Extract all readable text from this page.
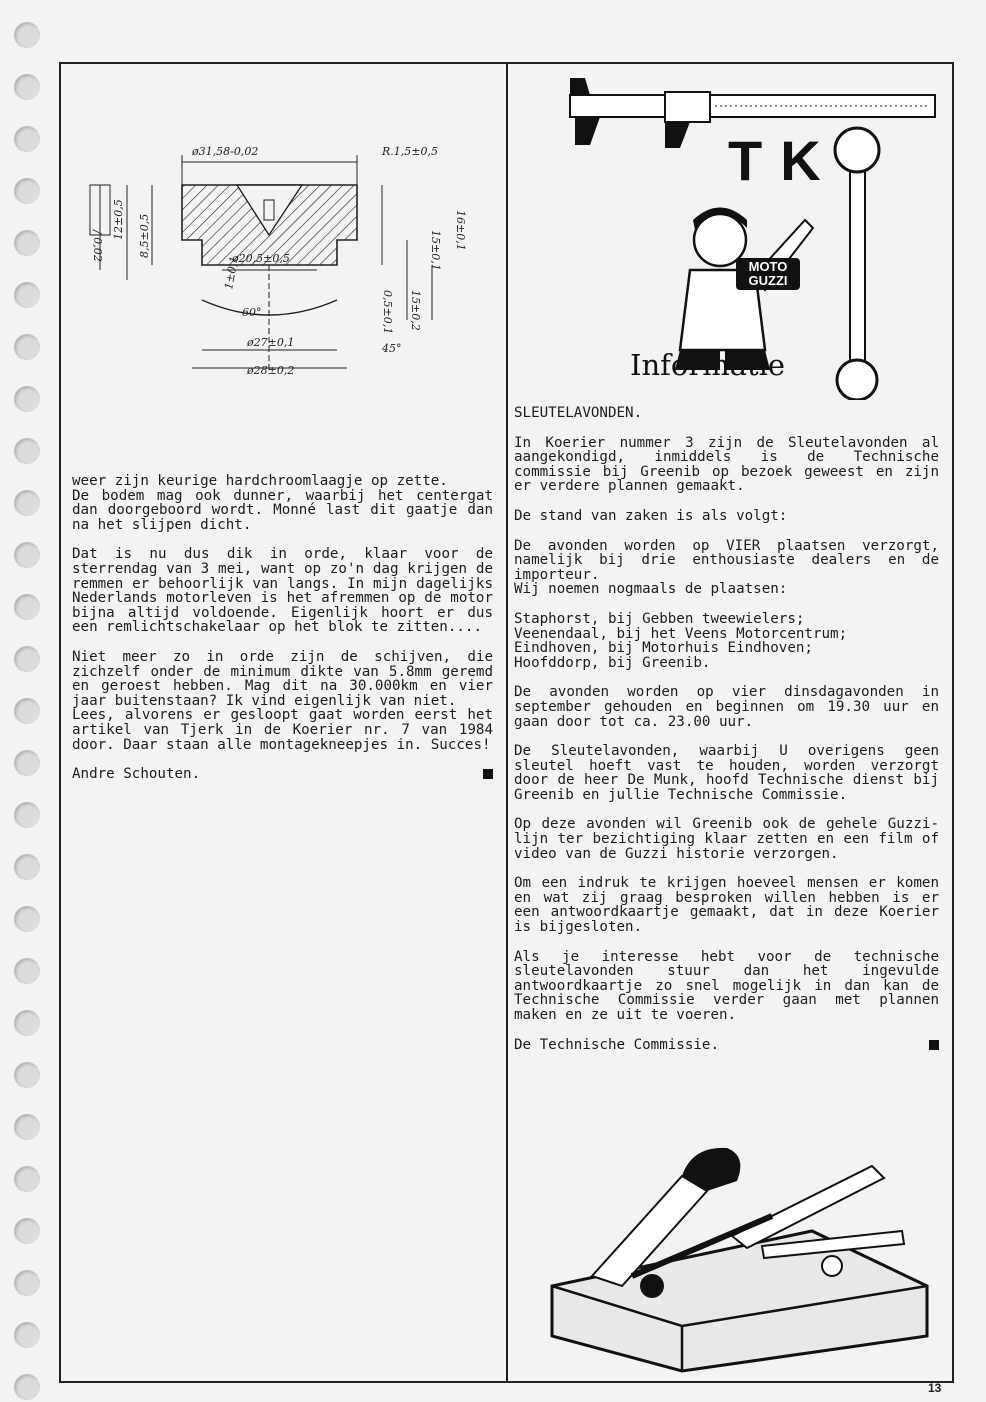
ø31,58-0,02	R.1,5±0,5
/ 0,02
12±0,5 8,5±0,5
ø20,5±0,5
16±0,1
15±0,1
1±0,1
60°	0,5±0,1 15±0,2
45°
ø27±0,1
ø28±0,2

weer zijn keurige hardchroomlaagje op zette.
De bodem mag ook dunner, waarbij het centergat dan doorgeboord wordt. Monné last dit gaatje dan na het slijpen dicht.

Dat is nu dus dik in orde, klaar voor de sterrendag van 3 mei, want op zo'n dag krijgen de remmen er behoorlijk van langs. In mijn dagelijks Nederlands motorleven is het afremmen op de motor bijna altijd voldoende. Eigenlijk hoort er dus een remlichtschakelaar op het blok te zitten....

Niet meer zo in orde zijn de schijven, die zichzelf onder de minimum dikte van 5.8mm geremd en geroest hebben. Mag dit na 30.000km en vier jaar buitenstaan? Ik vind eigenlijk van niet.
Lees, alvorens er gesloopt gaat worden eerst het artikel van Tjerk in de Koerier nr. 7 van 1984 door. Daar staan alle montagekneepjes in. Succes!

Andre Schouten.
TK
MOTO GUZZI
Informatie

SLEUTELAVONDEN.

In Koerier nummer 3 zijn de Sleutelavonden al aangekondigd, inmiddels is de Technische commissie bij Greenib op bezoek geweest en zijn er verdere plannen gemaakt.

De stand van zaken is als volgt:

De avonden worden op VIER plaatsen verzorgt, namelijk bij drie enthousiaste dealers en de importeur.
Wij noemen nogmaals de plaatsen:

Staphorst, bij Gebben tweewielers;
Veenendaal, bij het Veens Motorcentrum;
Eindhoven, bij Motorhuis Eindhoven;
Hoofddorp, bij Greenib.

De avonden worden op vier dinsdagavonden in september gehouden en beginnen om 19.30 uur en gaan door tot ca. 23.00 uur.

De Sleutelavonden, waarbij U overigens geen sleutel hoeft vast te houden, worden verzorgt door de heer De Munk, hoofd Technische dienst bij Greenib en jullie Technische Commissie.

Op deze avonden wil Greenib ook de gehele Guzzi-lijn ter bezichtiging klaar zetten en een film of video van de Guzzi historie verzorgen.

Om een indruk te krijgen hoeveel mensen er komen en wat zij graag besproken willen hebben is er een antwoordkaartje gemaakt, dat in deze Koerier is bijgesloten.

Als je interesse hebt voor de technische sleutelavonden stuur dan het ingevulde antwoordkaartje zo snel mogelijk in dan kan de Technische Commissie verder gaan met plannen maken en ze uit te voeren.

De Technische Commissie.
13
